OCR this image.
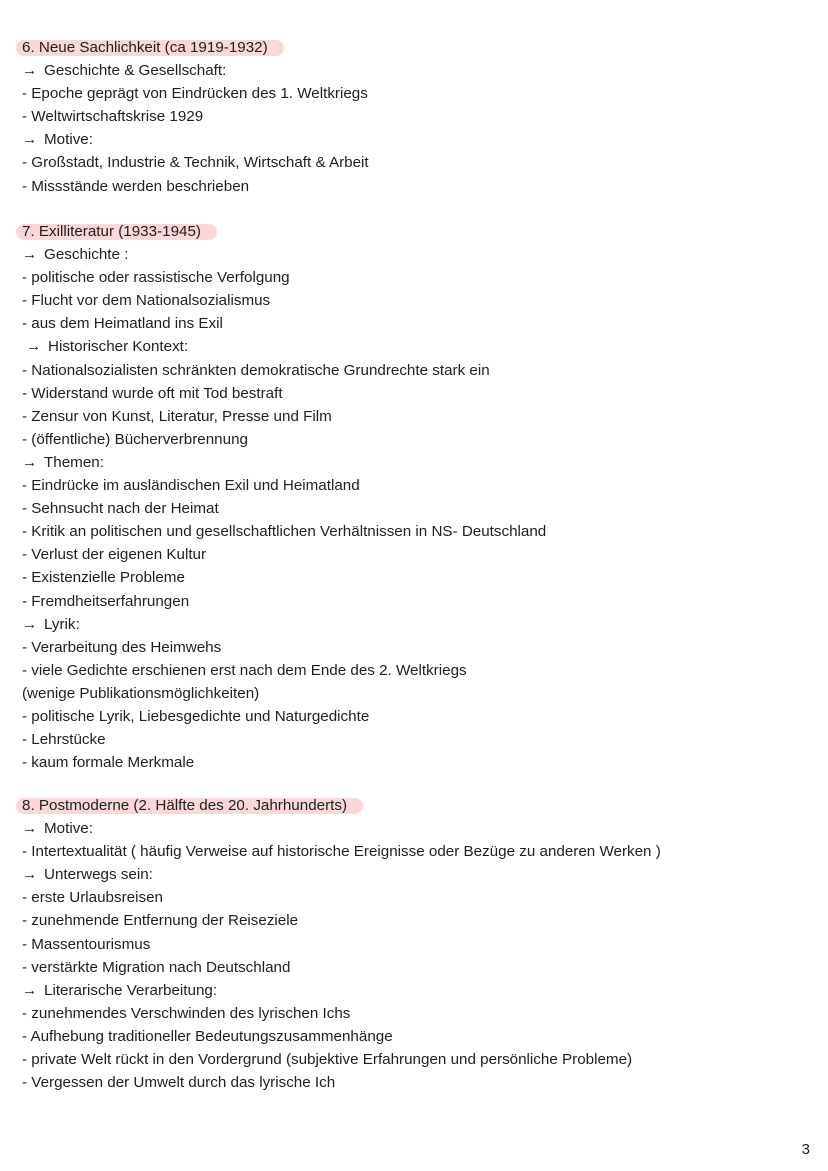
6. Neue Sachlichkeit (ca 1919-1932)
→ Geschichte & Gesellschaft:
- Epoche geprägt von Eindrücken des 1. Weltkriegs
- Weltwirtschaftskrise 1929
→ Motive:
- Großstadt, Industrie & Technik, Wirtschaft & Arbeit
- Missstände werden beschrieben
7. Exilliteratur (1933-1945)
→ Geschichte :
- politische oder rassistische Verfolgung
- Flucht vor dem Nationalsozialismus
- aus dem Heimatland ins Exil
→ Historischer Kontext:
- Nationalsozialisten schränkten demokratische Grundrechte stark ein
- Widerstand wurde oft mit Tod bestraft
- Zensur von Kunst, Literatur, Presse und Film
- (öffentliche) Bücherverbrennung
→ Themen:
- Eindrücke im ausländischen Exil und Heimatland
- Sehnsucht nach der Heimat
- Kritik an politischen und gesellschaftlichen Verhältnissen in NS- Deutschland
- Verlust der eigenen Kultur
- Existenzielle Probleme
- Fremdheitserfahrungen
→ Lyrik:
- Verarbeitung des Heimwehs
- viele Gedichte erschienen erst nach dem Ende des 2. Weltkriegs
(wenige Publikationsmöglichkeiten)
- politische Lyrik, Liebesgedichte und Naturgedichte
- Lehrstücke
- kaum formale Merkmale
8. Postmoderne (2. Hälfte des 20. Jahrhunderts)
→ Motive:
- Intertextualität ( häufig Verweise auf historische Ereignisse oder Bezüge zu anderen Werken )
→ Unterwegs sein:
- erste Urlaubsreisen
- zunehmende Entfernung der Reiseziele
- Massentourismus
- verstärkte Migration nach Deutschland
→ Literarische Verarbeitung:
- zunehmendes Verschwinden des lyrischen Ichs
- Aufhebung traditioneller Bedeutungszusammenhänge
- private Welt rückt in den Vordergrund (subjektive Erfahrungen und persönliche Probleme)
- Vergessen der Umwelt durch das lyrische Ich
3
